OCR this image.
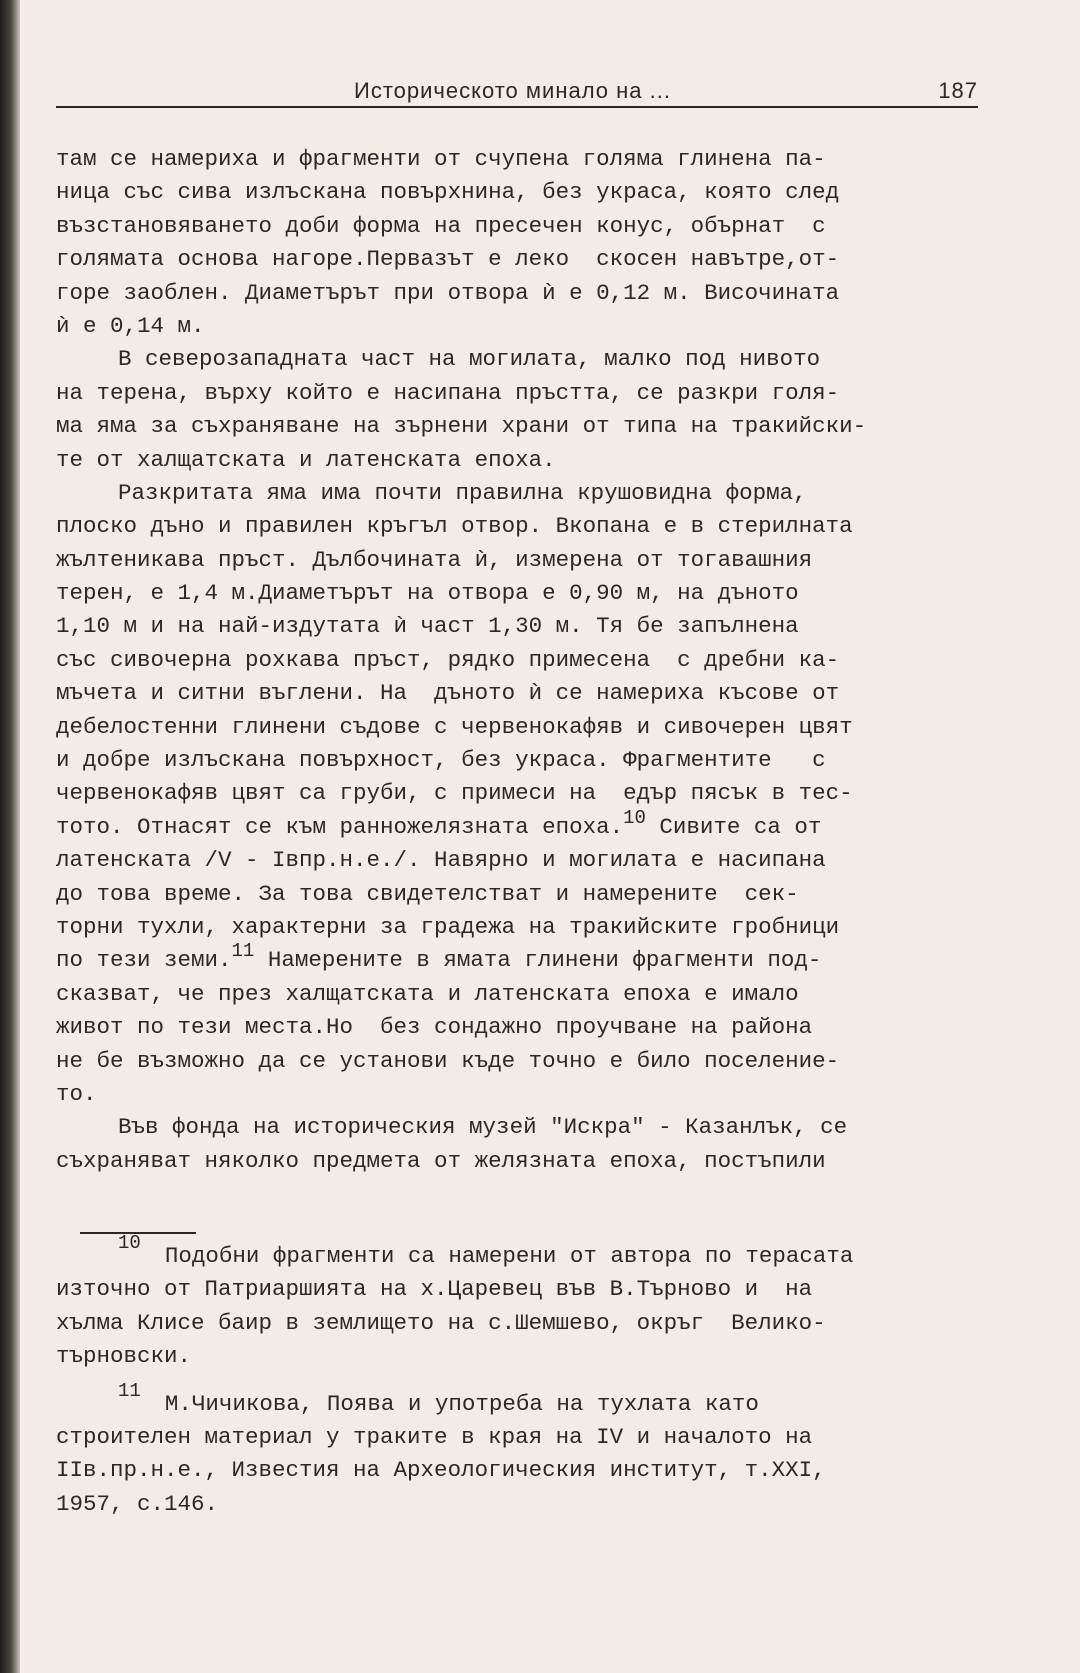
Историческото минало на ...	187
там се намериха и фрагменти от счупена голяма глинена па-
ница със сива излъскана повърхнина, без украса, която след
възстановяването доби форма на пресечен конус, обърнат  с
голямата основа нагоре.Первазът е леко  скосен навътре,от-
горе заоблен. Диаметърът при отвора ѝ е 0,12 м. Височината
ѝ е 0,14 м.
В северозападната част на могилата, малко под нивото
на терена, върху който е насипана пръстта, се разкри голя-
ма яма за съхраняване на зърнени храни от типа на тракийски-
те от халщатската и латенската епоха.
Разкритата яма има почти правилна крушовидна форма,
плоско дъно и правилен кръгъл отвор. Вкопана е в стерилната
жълтеникава пръст. Дълбочината ѝ, измерена от тогавашния
терен, е 1,4 м.Диаметърът на отвора е 0,90 м, на дъното
1,10 м и на най-издутата ѝ част 1,30 м. Тя бе запълнена
със сивочерна рохкава пръст, рядко примесена  с дребни ка-
мъчета и ситни въглени. На  дъното ѝ се намериха късове от
дебелостенни глинени съдове с червенокафяв и сивочерен цвят
и добре излъскана повърхност, без украса. Фрагментите   с
червенокафяв цвят са груби, с примеси на  едър пясък в тес-
тото. Отнасят се към ранножелязната епоха.$^{10}$ Сивите са от
латенската /V - Iвпр.н.е./. Навярно и могилата е насипана
до това време. За това свидетелстват и намерените  сек-
торни тухли, характерни за градежа на тракийските гробници
по тези земи.$^{11}$ Намерените в ямата глинени фрагменти под-
сказват, че през халщатската и латенската епоха е имало
живот по тези места.Но  без сондажно проучване на района
не бе възможно да се установи къде точно е било поселение-
то.
Във фонда на историческия музей "Искра" - Казанлък, се
съхраняват няколко предмета от желязната епоха, постъпили
$^{10}$ Подобни фрагменти са намерени от автора по терасата
източно от Патриаршията на х.Царевец във В.Търново и  на
хълма Клисе баир в землището на с.Шемшево, окръг  Велико-
търновски.
$^{11}$ М.Чичикова, Поява и употреба на тухлата като
строителен материал у траките в края на IV и началото на
IIв.пр.н.е., Известия на Археологическия институт, т.XXI,
1957, с.146.
